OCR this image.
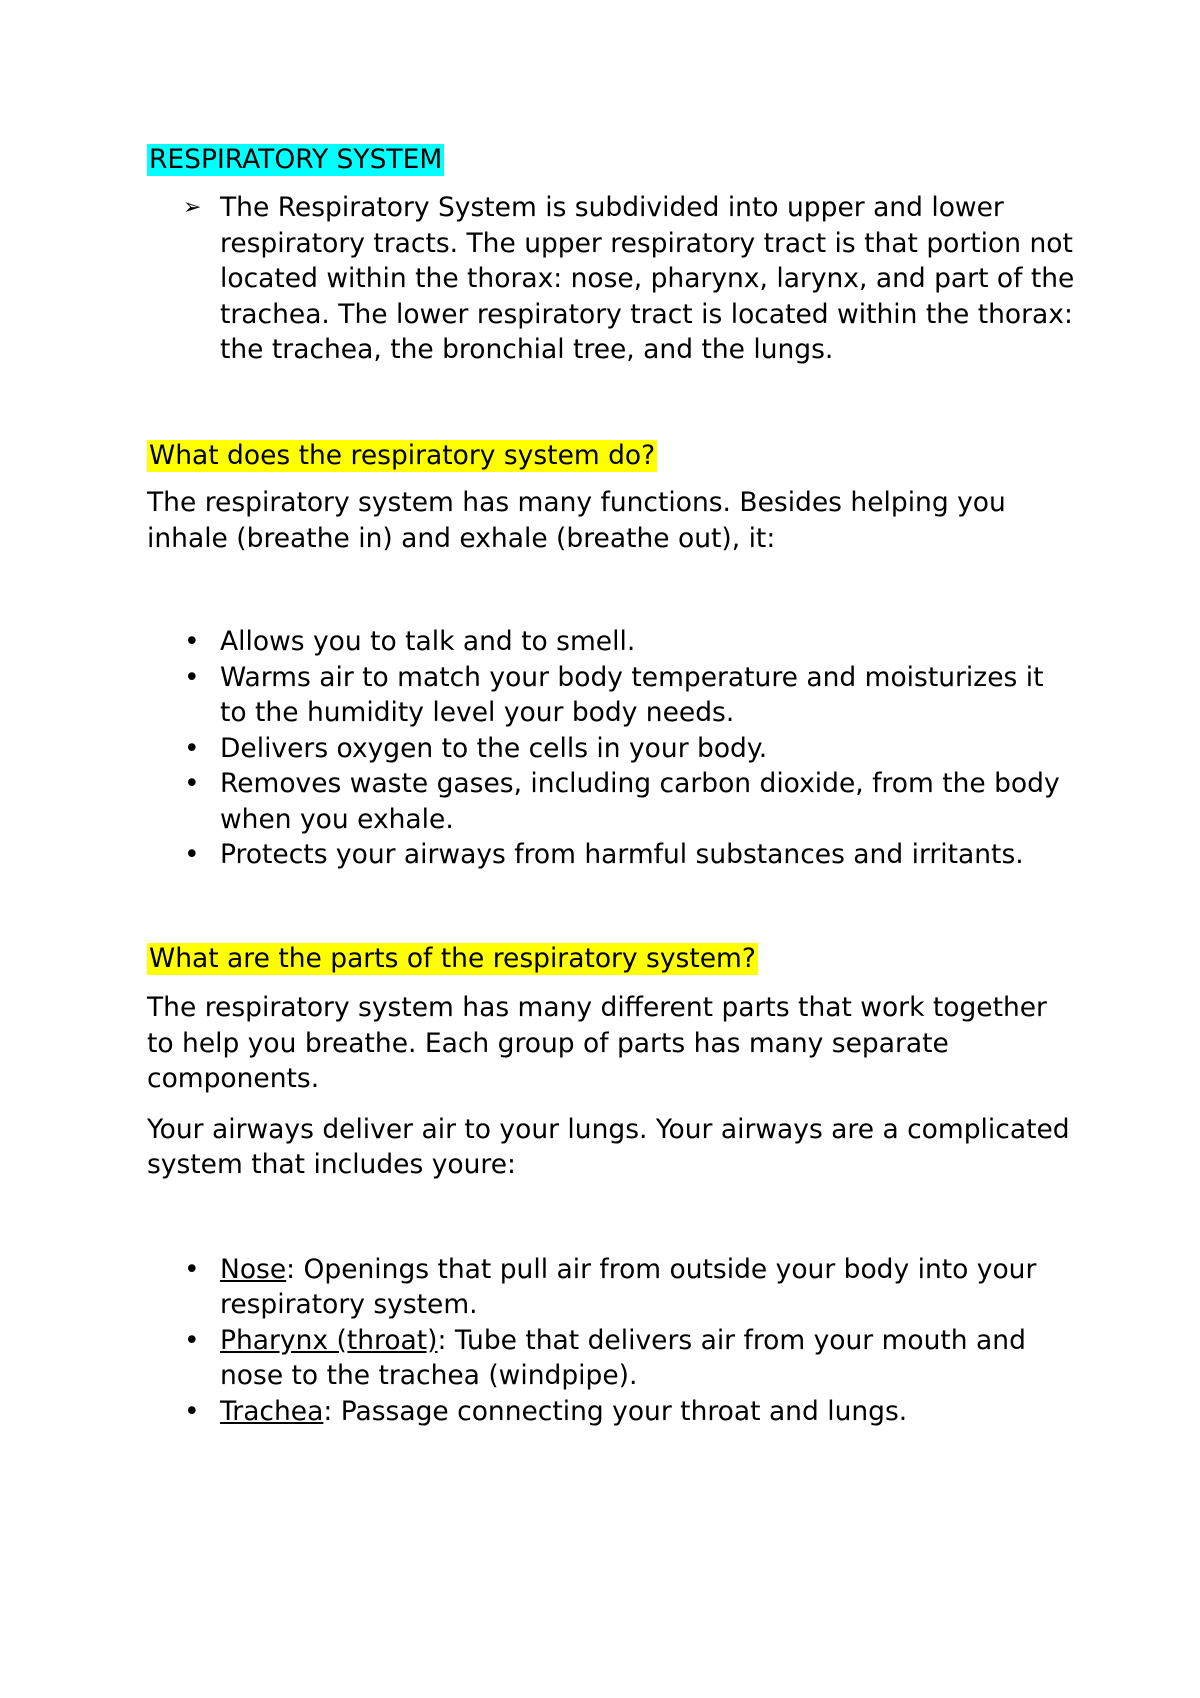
RESPIRATORY SYSTEM
➢ The Respiratory System is subdivided into upper and lower respiratory tracts. The upper respiratory tract is that portion not located within the thorax: nose, pharynx, larynx, and part of the trachea. The lower respiratory tract is located within the thorax: the trachea, the bronchial tree, and the lungs.
What does the respiratory system do?

The respiratory system has many functions. Besides helping you inhale (breathe in) and exhale (breathe out), it:

• Allows you to talk and to smell.
• Warms air to match your body temperature and moisturizes it to the humidity level your body needs.
• Delivers oxygen to the cells in your body.
• Removes waste gases, including carbon dioxide, from the body when you exhale.
• Protects your airways from harmful substances and irritants.
What are the parts of the respiratory system?

The respiratory system has many different parts that work together to help you breathe. Each group of parts has many separate components.

Your airways deliver air to your lungs. Your airways are a complicated system that includes youre:

• Nose: Openings that pull air from outside your body into your respiratory system.
• Pharynx (throat): Tube that delivers air from your mouth and nose to the trachea (windpipe).
• Trachea: Passage connecting your throat and lungs.
